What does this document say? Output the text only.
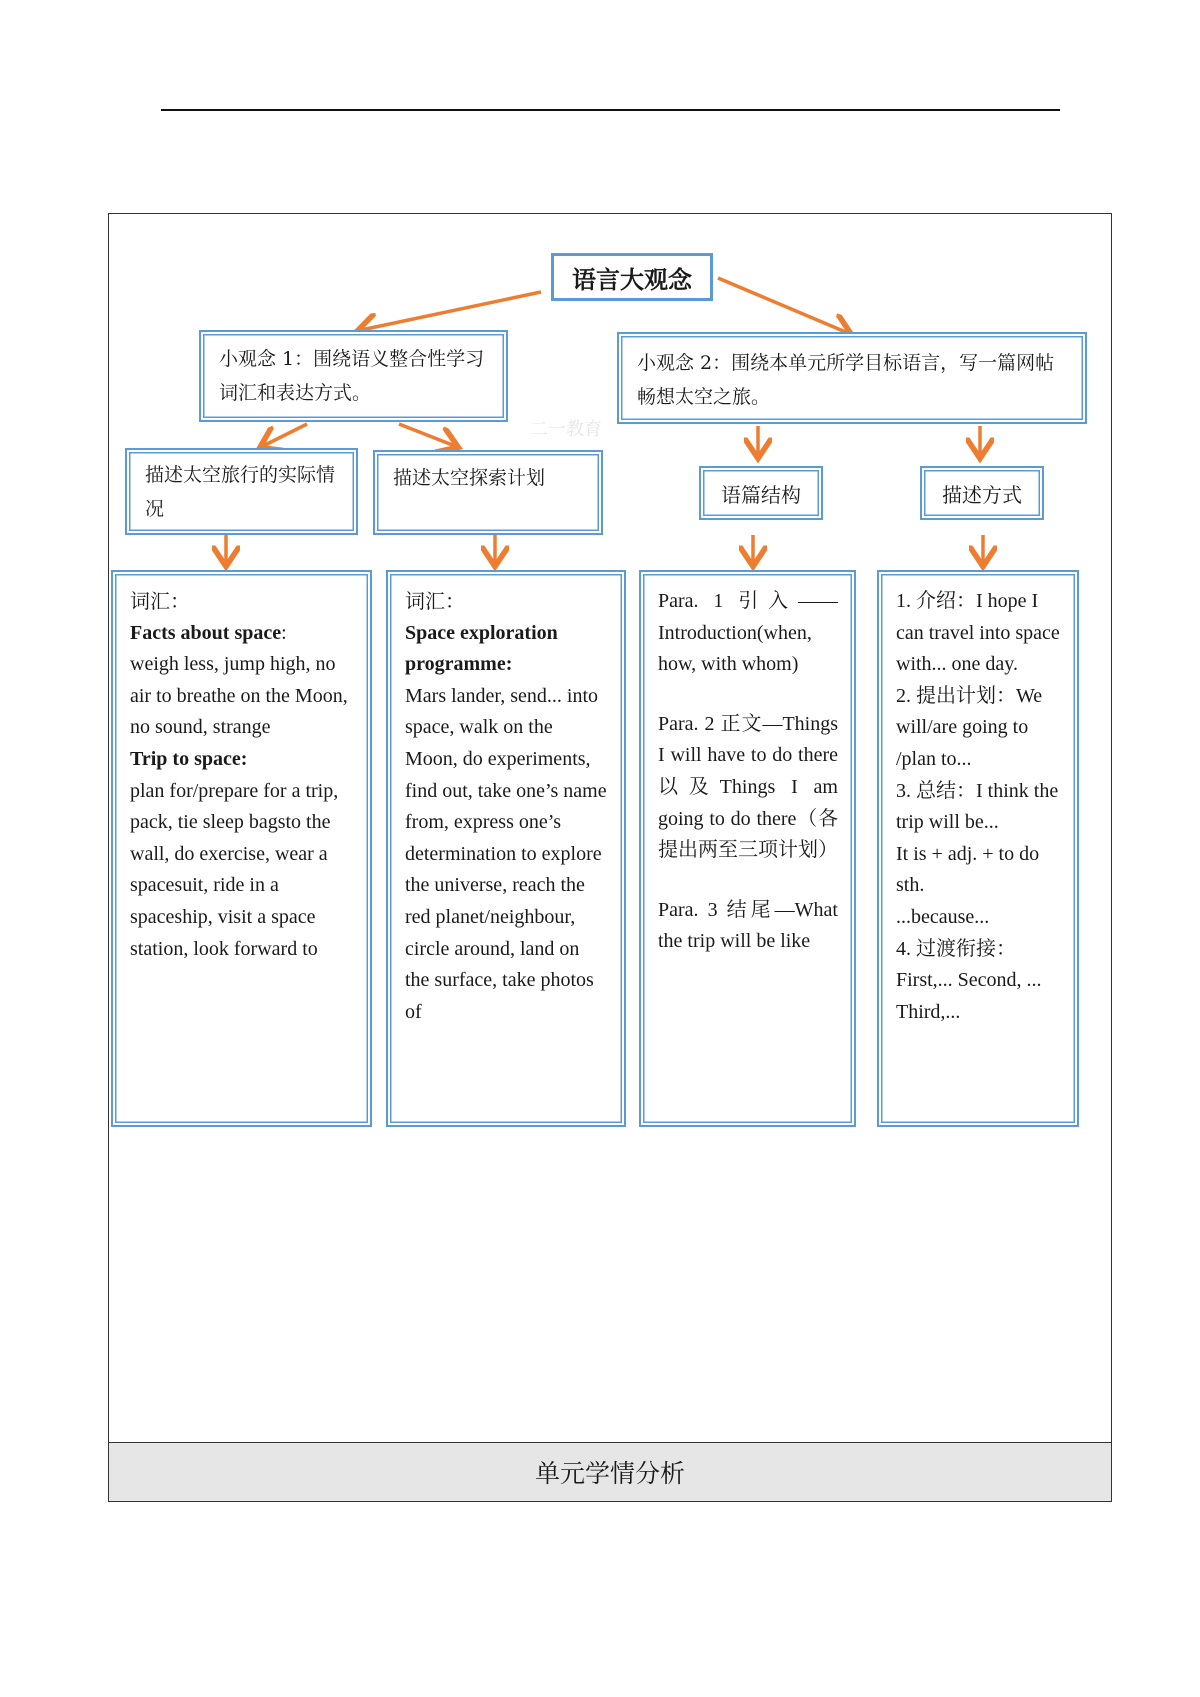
二一教育
语言大观念
小观念 1：围绕语义整合性学习词汇和表达方式。
小观念 2：围绕本单元所学目标语言，写一篇网帖畅想太空之旅。
描述太空旅行的实际情况
描述太空探索计划
语篇结构	描述方式
词汇：
Facts about space:
weigh less, jump high, no air to breathe on the Moon, no sound, strange
Trip to space:
plan for/prepare for a trip, pack, tie sleep bagsto the wall, do exercise, wear a spacesuit, ride in a spaceship, visit a space station, look forward to
词汇：
Space exploration programme:
Mars lander, send... into space, walk on the Moon, do experiments, find out, take one’s name from, express one’s determination to explore the universe, reach the red planet/neighbour, circle around, land on the surface, take photos of
Para. 1 引入——Introduction(when, how, with whom)
Para. 2 正文—Things I will have to do there 以及Things I am going to do there（各提出两至三项计划）
Para. 3 结尾—What the trip will be like
1. 介绍：I hope I can travel into space with... one day.
2. 提出计划：We will/are going to /plan to...
3. 总结：I think the trip will be...
It is + adj. + to do sth.
...because...
4. 过渡衔接：
First,... Second, ... Third,...
单元学情分析
